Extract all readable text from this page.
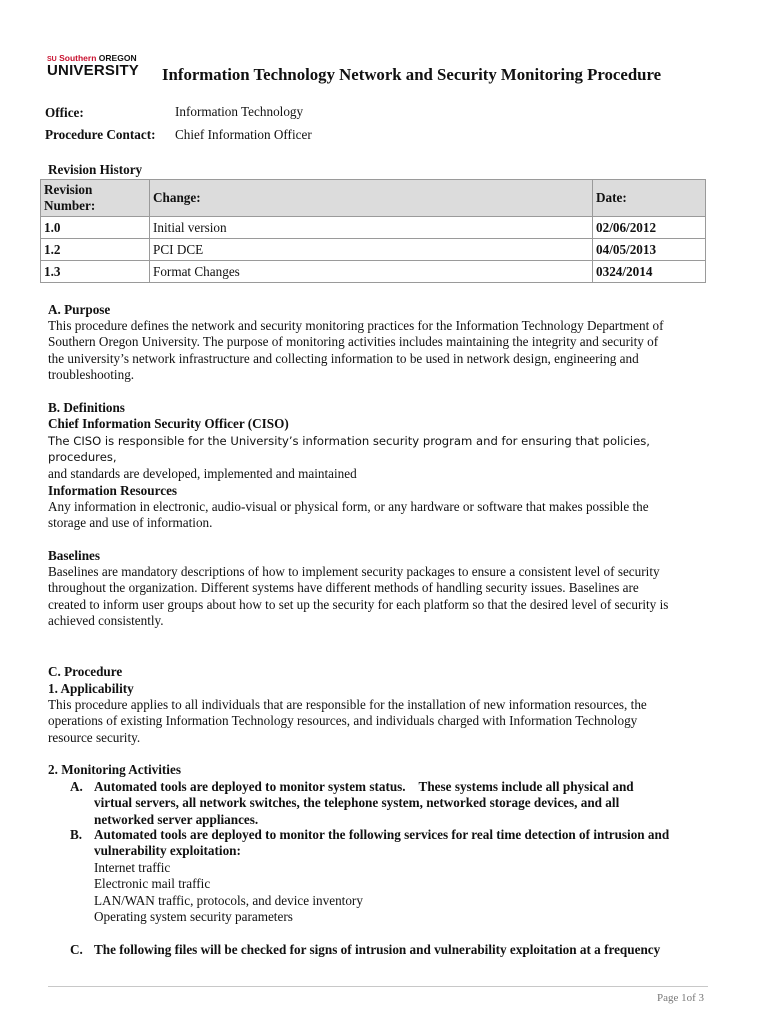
SU Southern OREGON
UNIVERSITY	Information Technology Network and Security Monitoring Procedure
Office:	Information Technology
Procedure Contact: Chief Information Officer
Revision History
Revision
Number:	Change:	Date:
1.0	Initial version	02/06/2012
1.2	PCI DCE	04/05/2013
1.3	Format Changes	0324/2014
A. Purpose
This procedure defines the network and security monitoring practices for the Information Technology Department of
Southern Oregon University. The purpose of monitoring activities includes maintaining the integrity and security of
the university’s network infrastructure and collecting information to be used in network design, engineering and
troubleshooting.
B. Definitions
Chief Information Security Officer (CISO)
The CISO is responsible for the University’s information security program and for ensuring that policies, procedures,
and standards are developed, implemented and maintained
Information Resources
Any information in electronic, audio-visual or physical form, or any hardware or software that makes possible the
storage and use of information.
Baselines
Baselines are mandatory descriptions of how to implement security packages to ensure a consistent level of security
throughout the organization. Different systems have different methods of handling security issues. Baselines are
created to inform user groups about how to set up the security for each platform so that the desired level of security is
achieved consistently.
C. Procedure
1. Applicability
This procedure applies to all individuals that are responsible for the installation of new information resources, the
operations of existing Information Technology resources, and individuals charged with Information Technology
resource security.
2. Monitoring Activities
A. Automated tools are deployed to monitor system status.    These systems include all physical and
virtual servers, all network switches, the telephone system, networked storage devices, and all
networked server appliances.
B. Automated tools are deployed to monitor the following services for real time detection of intrusion and
vulnerability exploitation:
Internet traffic
Electronic mail traffic
LAN/WAN traffic, protocols, and device inventory
Operating system security parameters
C. The following files will be checked for signs of intrusion and vulnerability exploitation at a frequency
Page 1of 3
